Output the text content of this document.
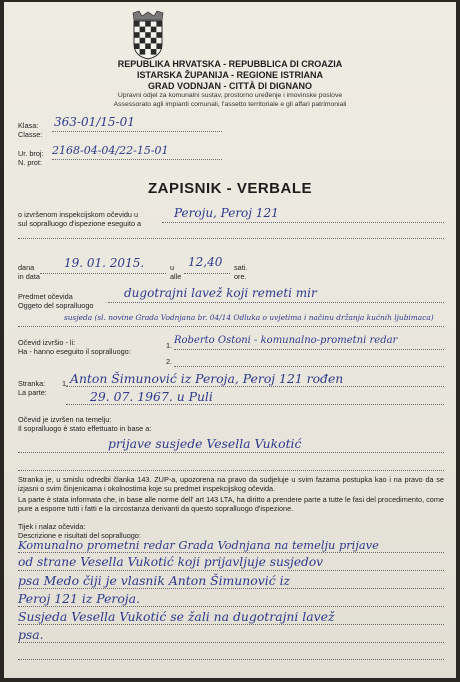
REPUBLIKA HRVATSKA - REPUBBLICA DI CROAZIA
ISTARSKA ŽUPANIJA - REGIONE ISTRIANA
GRAD VODNJAN - CITTÀ DI DIGNANO
Upravni odjel za komunalni sustav, prostorno uređenje i imovinske poslove
Assessorato agli impianti comunali, l'assetto territoriale e gli affari patrimoniali

Klasa:
Classe:
363-01/15-01
Ur. broj:
N. prot:
2168-04-04/22-15-01
ZAPISNIK - VERBALE
o izvršenom inspekcijskom očevidu u
sul sopralluogo d'ispezione eseguito a
Peroju, Peroj 121
dana
in data
19. 01. 2015.	u
alle
12,40 sati.
ore.
Predmet očevida
Oggeto del sopralluogo
dugotrajni lavež koji remeti mir
susjeda (sl. novine Grada Vodnjana br. 04/14 Odluka o uvjetima i načinu držanja kućnih ljubimaca)
Očevid izvršio - li:
Ha - hanno eseguito il sopralluogo:
1. Roberto Ostoni - komunalno-prometni redar
2.
Stranka:
La parte:
1. Anton Šimunović iz Peroja, Peroj 121 rođen
29. 07. 1967. u Puli
Očevid je izvršen na temelju:
Il sopralluogo è stato effettuato in base a:
prijave susjede Vesella Vukotić
Stranka je, u smislu odredbi članka 143. ZUP-a, upozorena na pravo da sudjeluje u svim fazama postupka kao i na pravo da se izjasni o svim činjenicama i okolnostima koje su predmet inspekcijskog očevida.
La parte è stata informata che, in base alle norme dell' art 143 LTA, ha diritto a prendere parte a tutte le fasi del procedimento, come pure a esporre tutti i fatti e la circostanza derivanti da questo sopralluogo d'ispezione.
Tijek i nalaz očevida:
Descrizione e risultati del sopralluogo:
Komunalno prometni redar Grada Vodnjana na temelju prijave
od strane Vesella Vukotić koji prijavljuje susjedov
psa Medo čiji je vlasnik Anton Šimunović iz
Peroj 121 iz Peroja.
Susjeda Vesella Vukotić se žali na dugotrajni lavež
psa.
